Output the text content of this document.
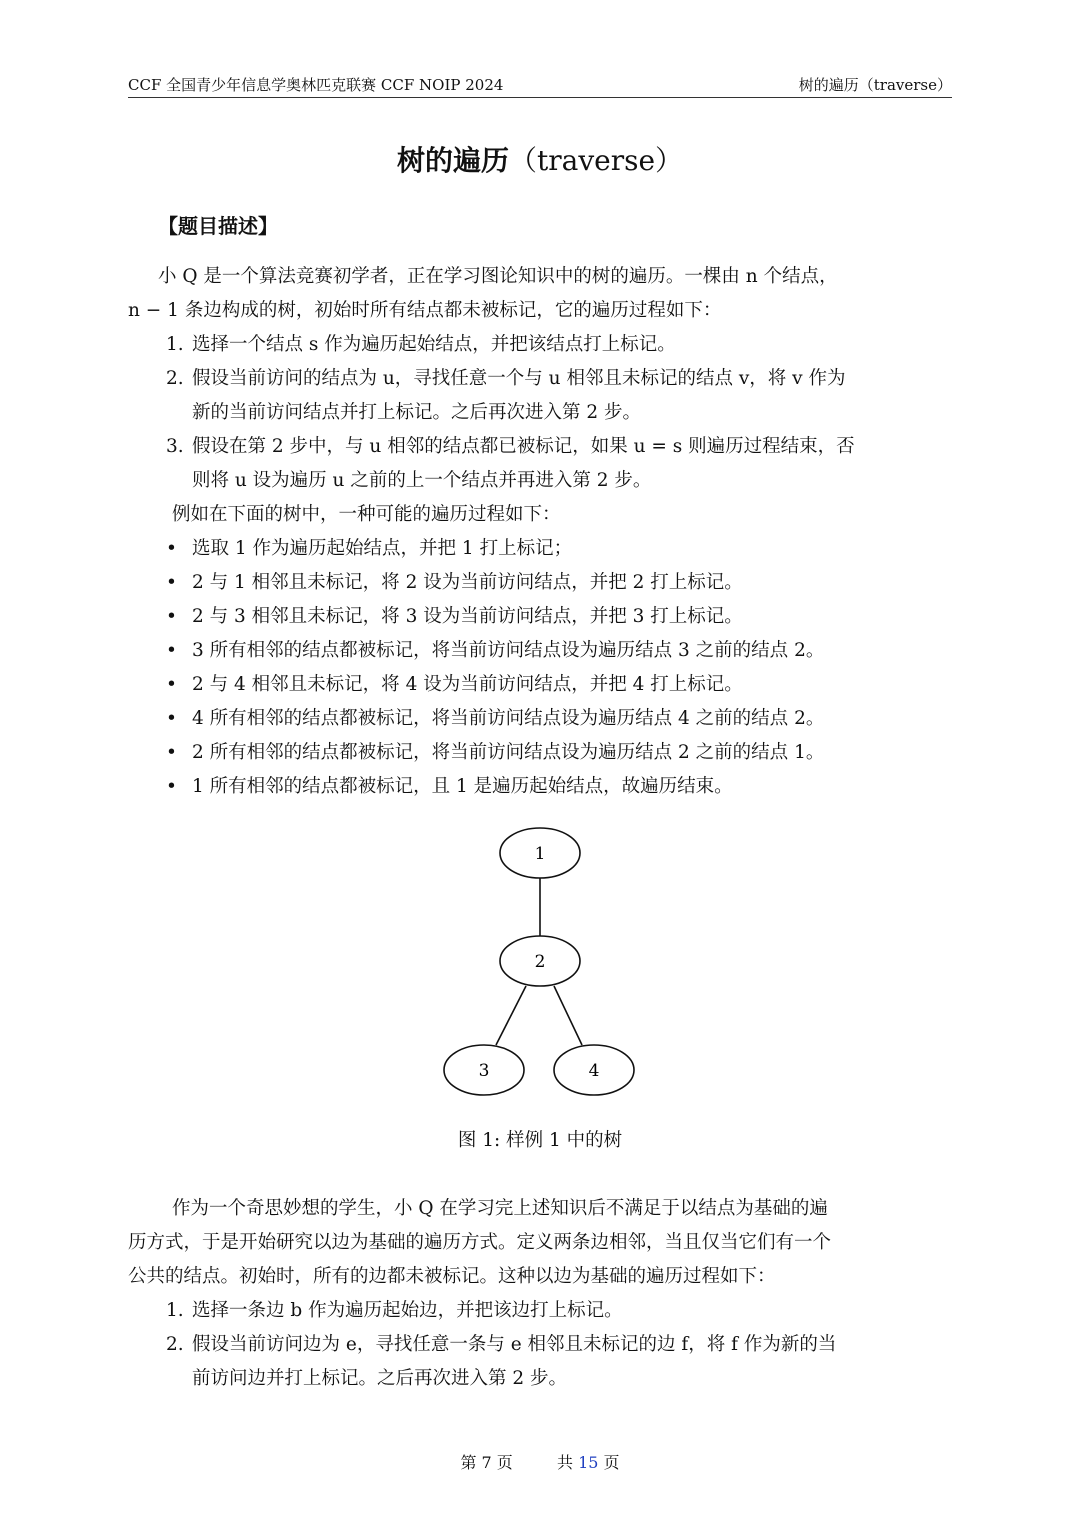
CCF 全国青少年信息学奥林匹克联赛 CCF NOIP 2024	树的遍历（traverse）
树的遍历（traverse）
【题目描述】
小 Q 是一个算法竞赛初学者，正在学习图论知识中的树的遍历。一棵由 n 个结点，
n − 1 条边构成的树，初始时所有结点都未被标记，它的遍历过程如下：
1. 选择一个结点 s 作为遍历起始结点，并把该结点打上标记。
2. 假设当前访问的结点为 u，寻找任意一个与 u 相邻且未标记的结点 v，将 v 作为
新的当前访问结点并打上标记。之后再次进入第 2 步。
3. 假设在第 2 步中，与 u 相邻的结点都已被标记，如果 u = s 则遍历过程结束，否
则将 u 设为遍历 u 之前的上一个结点并再进入第 2 步。
例如在下面的树中，一种可能的遍历过程如下：
• 选取 1 作为遍历起始结点，并把 1 打上标记；
• 2 与 1 相邻且未标记，将 2 设为当前访问结点，并把 2 打上标记。
• 2 与 3 相邻且未标记，将 3 设为当前访问结点，并把 3 打上标记。
• 3 所有相邻的结点都被标记，将当前访问结点设为遍历结点 3 之前的结点 2。
• 2 与 4 相邻且未标记，将 4 设为当前访问结点，并把 4 打上标记。
• 4 所有相邻的结点都被标记，将当前访问结点设为遍历结点 4 之前的结点 2。
• 2 所有相邻的结点都被标记，将当前访问结点设为遍历结点 2 之前的结点 1。
• 1 所有相邻的结点都被标记，且 1 是遍历起始结点，故遍历结束。
1
2
3	4
图 1: 样例 1 中的树
作为一个奇思妙想的学生，小 Q 在学习完上述知识后不满足于以结点为基础的遍
历方式，于是开始研究以边为基础的遍历方式。定义两条边相邻，当且仅当它们有一个
公共的结点。初始时，所有的边都未被标记。这种以边为基础的遍历过程如下：
1. 选择一条边 b 作为遍历起始边，并把该边打上标记。
2. 假设当前访问边为 e，寻找任意一条与 e 相邻且未标记的边 f，将 f 作为新的当
前访问边并打上标记。之后再次进入第 2 步。
第 7 页	共 15 页
